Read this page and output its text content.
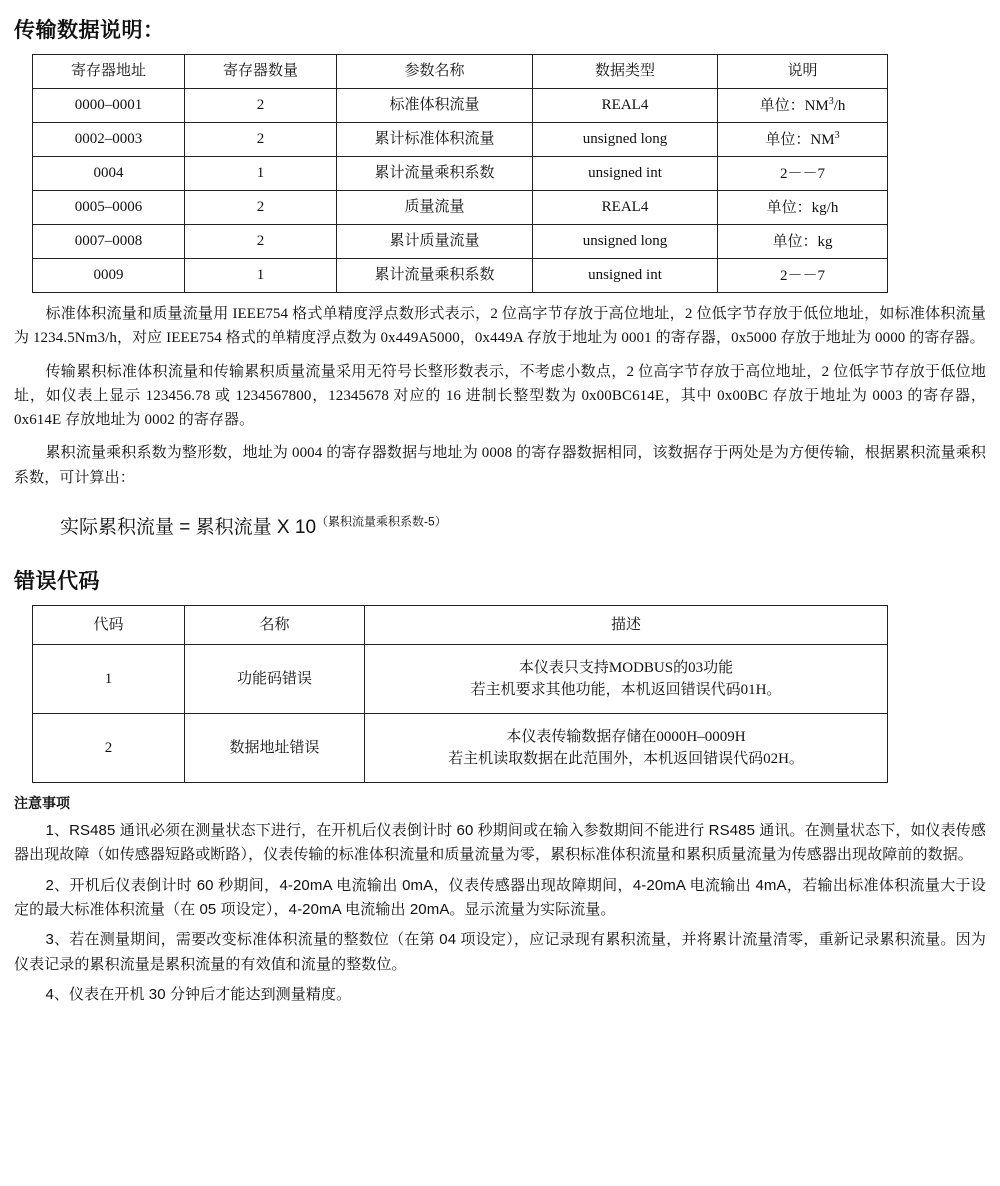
传输数据说明：
寄存器地址	寄存器数量	参数名称	数据类型	说明
0000–0001	2	标准体积流量	REAL4	单位：$NM^3/h$
0002–0003	2	累计标准体积流量	unsigned long	单位：$NM^3$
0004	1	累计流量乘积系数	unsigned int	2－－7
0005–0006	2	质量流量	REAL4	单位：kg/h
0007–0008	2	累计质量流量	unsigned long	单位：kg
0009	1	累计流量乘积系数	unsigned int	2－－7

标准体积流量和质量流量用 IEEE754 格式单精度浮点数形式表示，2 位高字节存放于高位地址，2 位低字节存放于低位地址，如标准体积流量为 1234.5Nm3/h，对应 IEEE754 格式的单精度浮点数为 0x449A5000，0x449A 存放于地址为 0001 的寄存器，0x5000 存放于地址为 0000 的寄存器。

传输累积标准体积流量和传输累积质量流量采用无符号长整形数表示，不考虑小数点，2 位高字节存放于高位地址，2 位低字节存放于低位地址，如仪表上显示 123456.78 或 1234567800，12345678 对应的 16 进制长整型数为 0x00BC614E，其中 0x00BC 存放于地址为 0003 的寄存器，0x614E 存放地址为 0002 的寄存器。

累积流量乘积系数为整形数，地址为 0004 的寄存器数据与地址为 0008 的寄存器数据相同，该数据存于两处是为方便传输，根据累积流量乘积系数，可计算出：

实际累积流量 = 累积流量 X $10^{(累积流量乘积系数-5)}$
错误代码
代码	名称	描述
1	功能码错误	本仪表只支持MODBUS的03功能
若主机要求其他功能，本机返回错误代码01H。

2	数据地址错误	本仪表传输数据存储在0000H–0009H
若主机读取数据在此范围外，本机返回错误代码02H。
注意事项

1、RS485 通讯必须在测量状态下进行，在开机后仪表倒计时 60 秒期间或在输入参数期间不能进行 RS485 通讯。在测量状态下，如仪表传感器出现故障（如传感器短路或断路），仪表传输的标准体积流量和质量流量为零，累积标准体积流量和累积质量流量为传感器出现故障前的数据。

2、开机后仪表倒计时 60 秒期间，4-20mA 电流输出 0mA，仪表传感器出现故障期间，4-20mA 电流输出 4mA，若输出标准体积流量大于设定的最大标准体积流量（在 05 项设定），4-20mA 电流输出 20mA。显示流量为实际流量。

3、若在测量期间，需要改变标准体积流量的整数位（在第 04 项设定），应记录现有累积流量，并将累计流量清零，重新记录累积流量。因为仪表记录的累积流量是累积流量的有效值和流量的整数位。

4、仪表在开机 30 分钟后才能达到测量精度。
